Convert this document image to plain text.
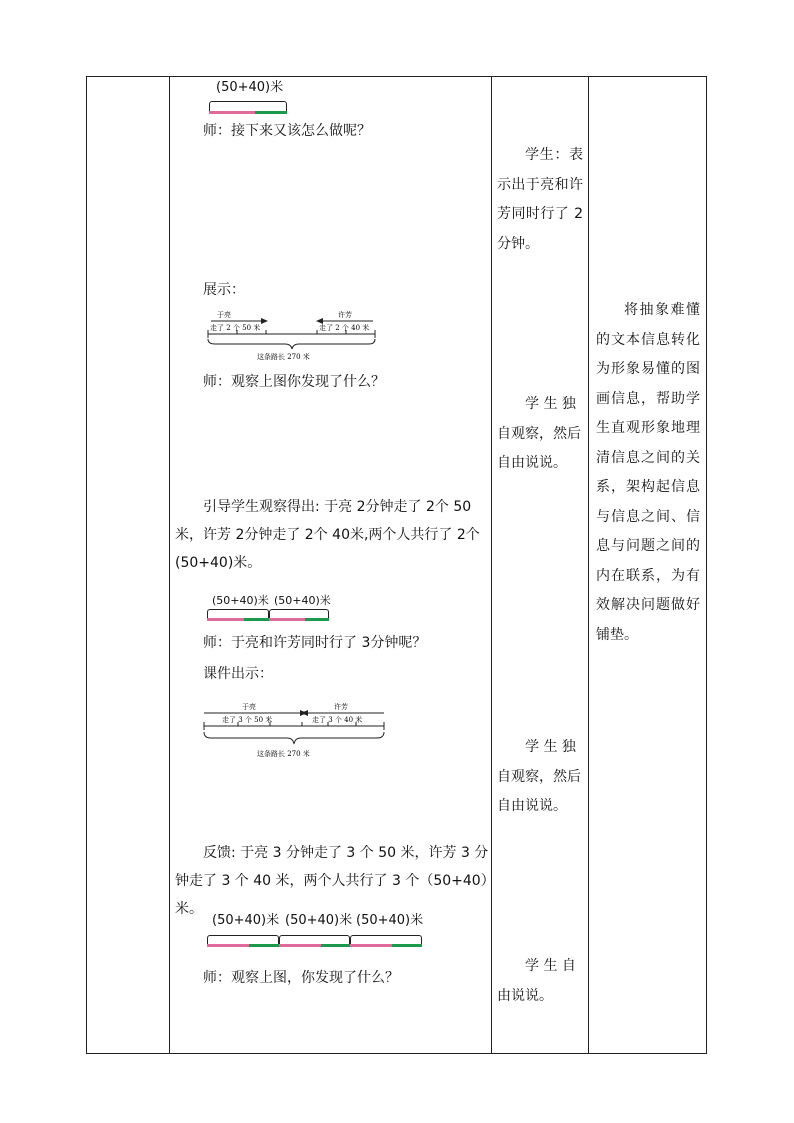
(50+40)米
师：接下来又该怎么做呢？
展示：
于亮
走了 2 个 50 米
许芳
走了 2 个 40 米
这条路长 270 米
师：观察上图你发现了什么？
引导学生观察得出: 于亮 2分钟走了 2个 50米，许芳 2分钟走了 2个 40米,两个人共行了 2个(50+40)米。
(50+40)米 (50+40)米
师：于亮和许芳同时行了 3分钟呢？
课件出示：
于亮
走了 3 个 50 米
许芳
走了 3 个 40 米
这条路长 270 米
反馈: 于亮 3 分钟走了 3 个 50 米，许芳 3 分钟走了 3 个 40 米，两个人共行了 3 个（50+40）米。
(50+40)米 (50+40)米 (50+40)米
师：观察上图，你发现了什么？
学生：表示出于亮和许芳同时行了 2分钟。
学 生 独自观察，然后自由说说。
学 生 独自观察，然后自由说说。
学 生 自由说说。
将抽象难懂的文本信息转化为形象易懂的图画信息，帮助学生直观形象地理清信息之间的关系，架构起信息与信息之间、信息与问题之间的内在联系，为有效解决问题做好铺垫。
